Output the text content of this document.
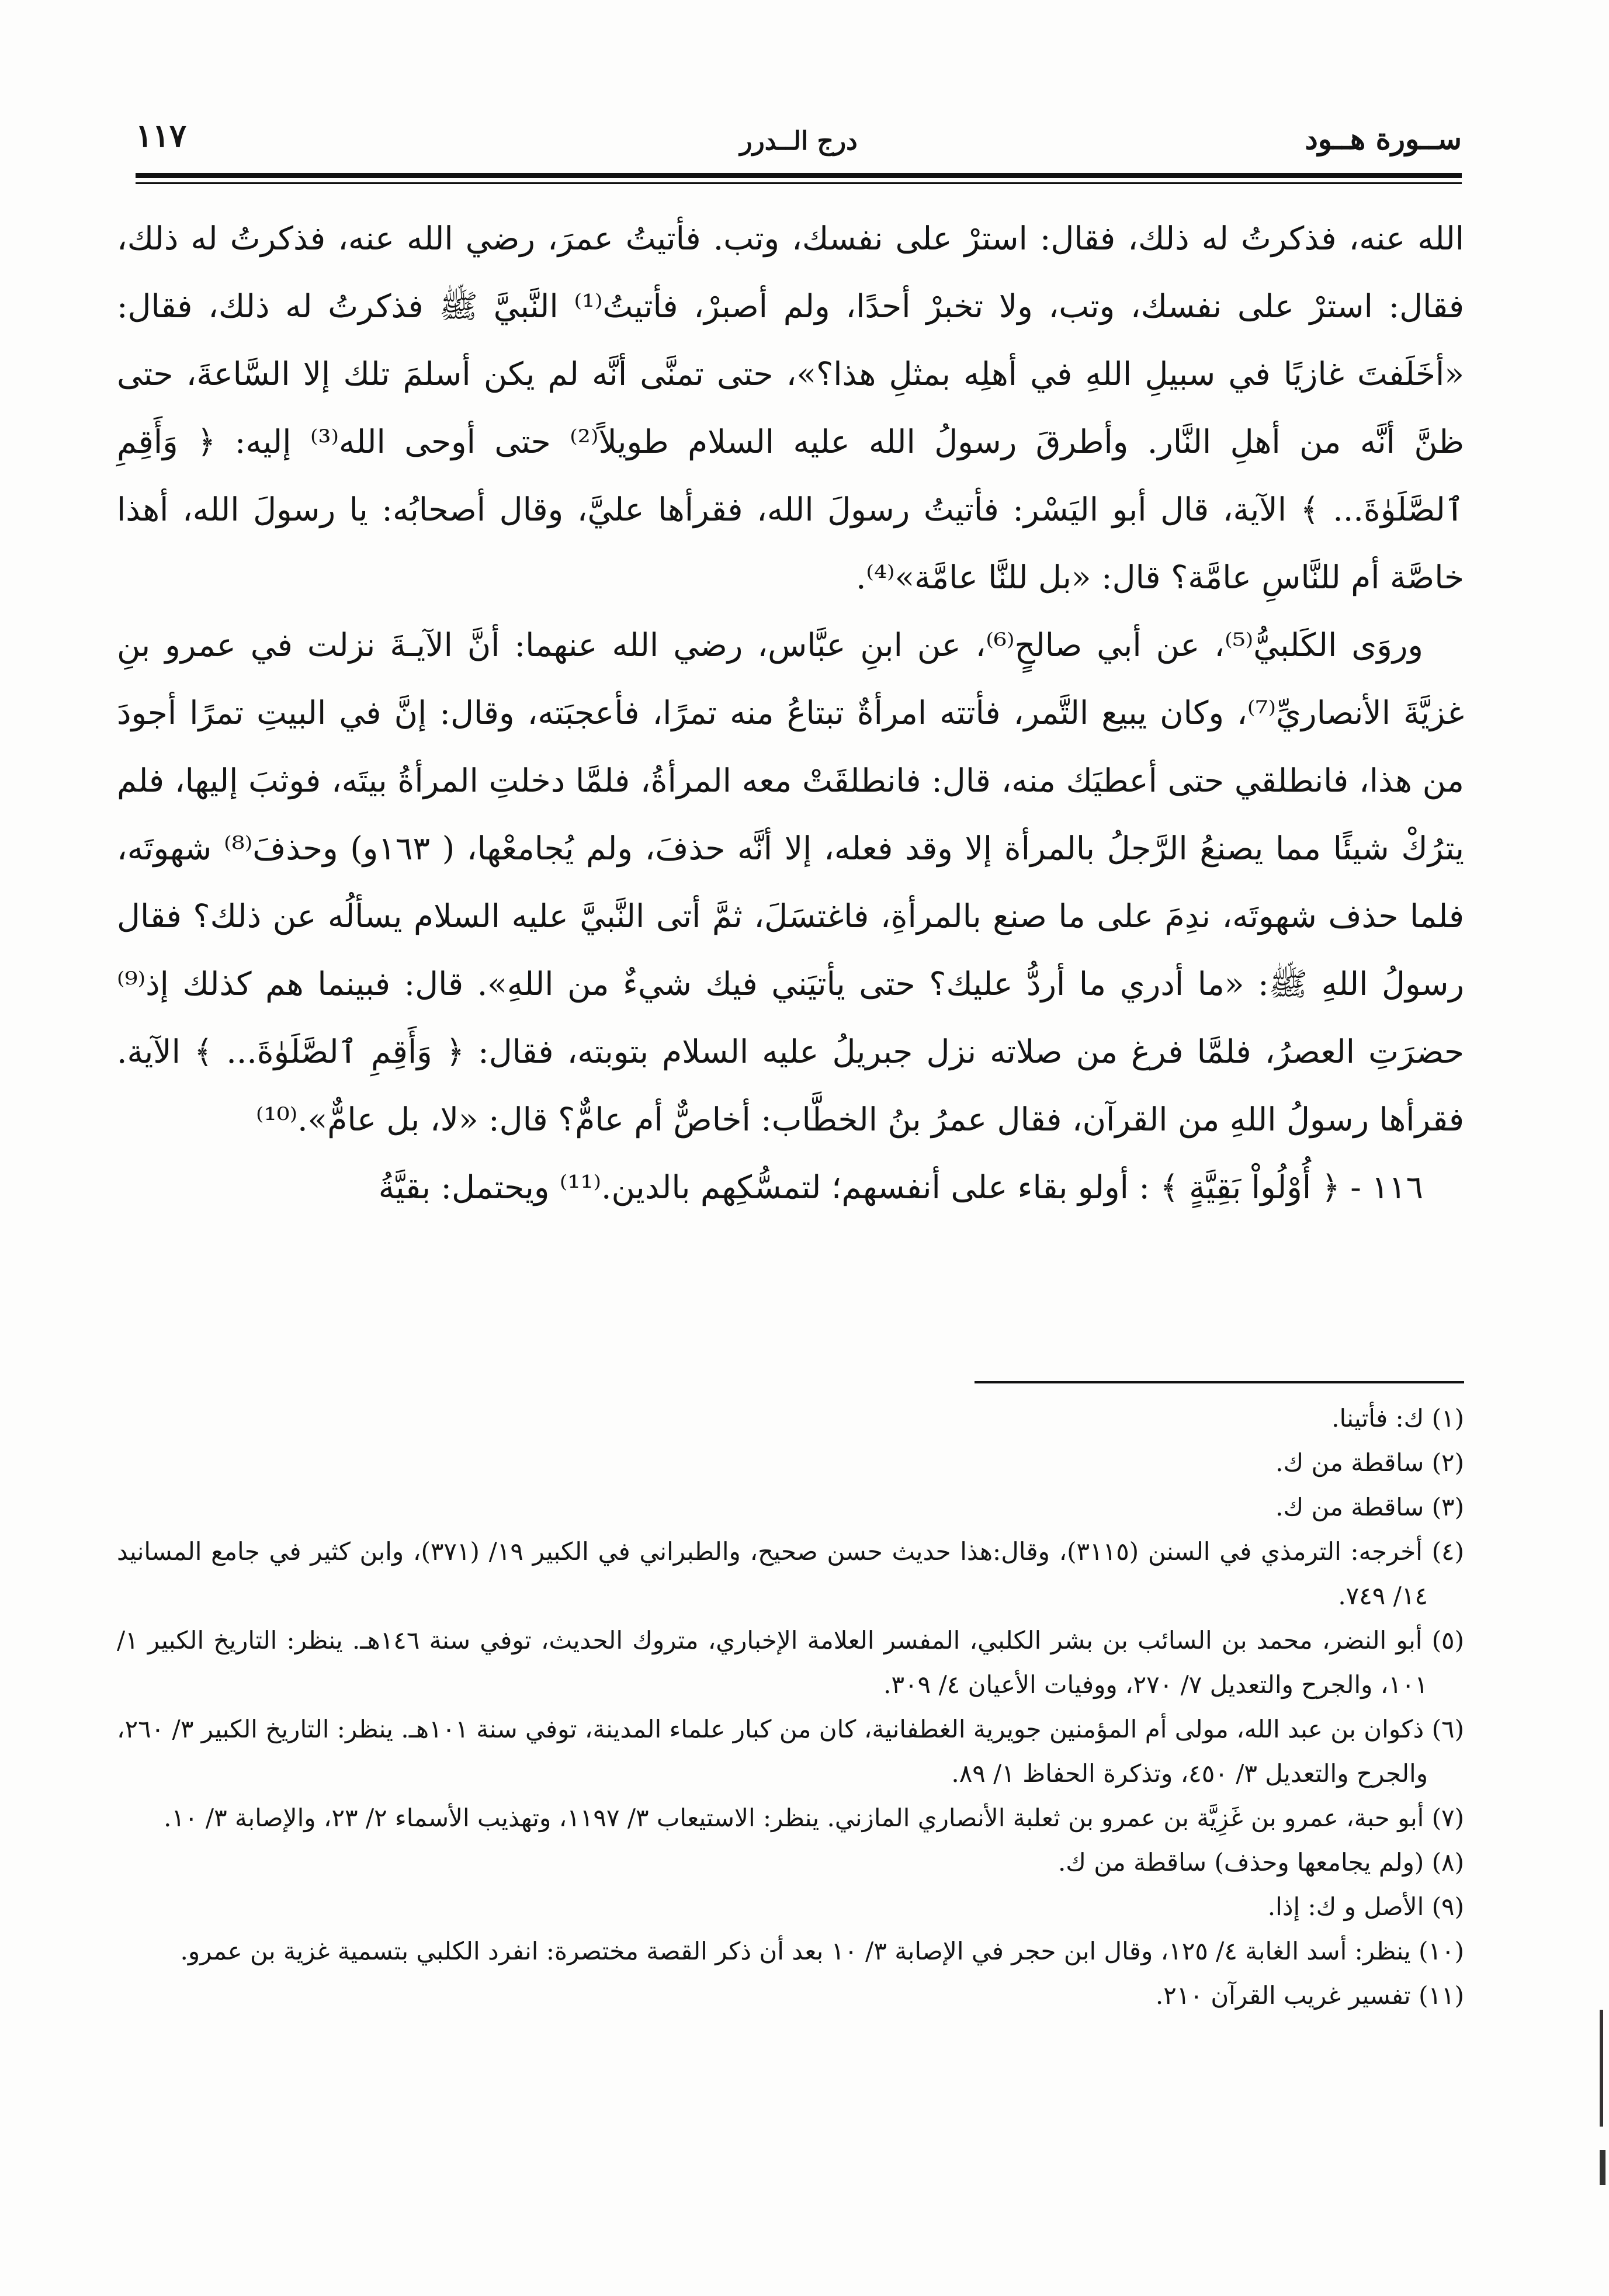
ســورة هــود
درج الــدرر
١١٧

الله عنه، فذكرتُ له ذلك، فقال: استرْ على نفسك، وتب. فأتيتُ عمرَ، رضي الله عنه، فذكرتُ له ذلك، فقال: استرْ على نفسك، وتب، ولا تخبرْ أحدًا، ولم أصبرْ، فأتيتُ⁽¹⁾ النَّبيَّ ﷺ فذكرتُ له ذلك، فقال: «أخَلَفتَ غازيًا في سبيلِ اللهِ في أهلِه بمثلِ هذا؟»، حتى تمنَّى أنَّه لم يكن أسلمَ تلك إلا السَّاعةَ، حتى ظنَّ أنَّه من أهلِ النَّار. وأطرقَ رسولُ الله عليه السلام طويلاً⁽²⁾ حتى أوحى الله⁽³⁾ إليه: ﴿ وَأَقِمِ ٱلصَّلَوٰةَ... ﴾ الآية، قال أبو اليَسْر: فأتيتُ رسولَ الله، فقرأها عليَّ، وقال أصحابُه: يا رسولَ الله، أهذا خاصَّة أم للنَّاسِ عامَّة؟ قال: «بل للنَّا عامَّة»⁽⁴⁾.

وروَى الكَلبيُّ⁽⁵⁾، عن أبي صالحٍ⁽⁶⁾، عن ابنِ عبَّاس، رضي الله عنهما: أنَّ الآيـةَ نزلت في عمرو بنِ غزيَّةَ الأنصاريِّ⁽⁷⁾، وكان يبيع التَّمر، فأتته امرأةٌ تبتاعُ منه تمرًا، فأعجبَته، وقال: إنَّ في البيتِ تمرًا أجودَ من هذا، فانطلقي حتى أعطيَك منه، قال: فانطلقَتْ معه المرأةُ، فلمَّا دخلتِ المرأةُ بيتَه، فوثبَ إليها، فلم يترُكْ شيئًا مما يصنعُ الرَّجلُ بالمرأة إلا وقد فعله، إلا أنَّه حذفَ، ولم يُجامعْها، ( ١٦٣و) وحذفَ⁽⁸⁾ شهوتَه، فلما حذف شهوتَه، ندِمَ على ما صنع بالمرأةِ، فاغتسَلَ، ثمَّ أتى النَّبيَّ عليه السلام يسألُه عن ذلك؟ فقال رسولُ اللهِ ﷺ: «ما أدري ما أردُّ عليك؟ حتى يأتيَني فيك شيءٌ من اللهِ». قال: فبينما هم كذلك إذ⁽⁹⁾ حضرَتِ العصرُ، فلمَّا فرغ من صلاته نزل جبريلُ عليه السلام بتوبته، فقال: ﴿ وَأَقِمِ ٱلصَّلَوٰةَ... ﴾ الآية. فقرأها رسولُ اللهِ من القرآن، فقال عمرُ بنُ الخطَّاب: أخاصٌّ أم عامٌّ؟ قال: «لا، بل عامٌّ».⁽¹⁰⁾

١١٦ - ﴿ أُوْلُواْ بَقِيَّةٍ ﴾ : أولو بقاء على أنفسهم؛ لتمسُّكِهم بالدين.⁽¹¹⁾ ويحتمل: بقيَّةُ

(١) ك: فأتينا.

(٢) ساقطة من ك.

(٣) ساقطة من ك.

(٤) أخرجه: الترمذي في السنن (٣١١٥)، وقال:هذا حديث حسن صحيح، والطبراني في الكبير ١٩/ (٣٧١)، وابن كثير في جامع المسانيد ١٤/ ٧٤٩.

(٥) أبو النضر، محمد بن السائب بن بشر الكلبي، المفسر العلامة الإخباري، متروك الحديث، توفي سنة ١٤٦هـ. ينظر: التاريخ الكبير ١/ ١٠١، والجرح والتعديل ٧/ ٢٧٠، ووفيات الأعيان ٤/ ٣٠٩.

(٦) ذكوان بن عبد الله، مولى أم المؤمنين جويرية الغطفانية، كان من كبار علماء المدينة، توفي سنة ١٠١هـ. ينظر: التاريخ الكبير ٣/ ٢٦٠، والجرح والتعديل ٣/ ٤٥٠، وتذكرة الحفاظ ١/ ٨٩.

(٧) أبو حبة، عمرو بن غَزِيَّة بن عمرو بن ثعلبة الأنصاري المازني. ينظر: الاستيعاب ٣/ ١١٩٧، وتهذيب الأسماء ٢/ ٢٣، والإصابة ٣/ ١٠.

(٨) (ولم يجامعها وحذف) ساقطة من ك.

(٩) الأصل و ك: إذا.

(١٠) ينظر: أسد الغابة ٤/ ١٢٥، وقال ابن حجر في الإصابة ٣/ ١٠ بعد أن ذكر القصة مختصرة: انفرد الكلبي بتسمية غزية بن عمرو.

(١١) تفسير غريب القرآن ٢١٠.
